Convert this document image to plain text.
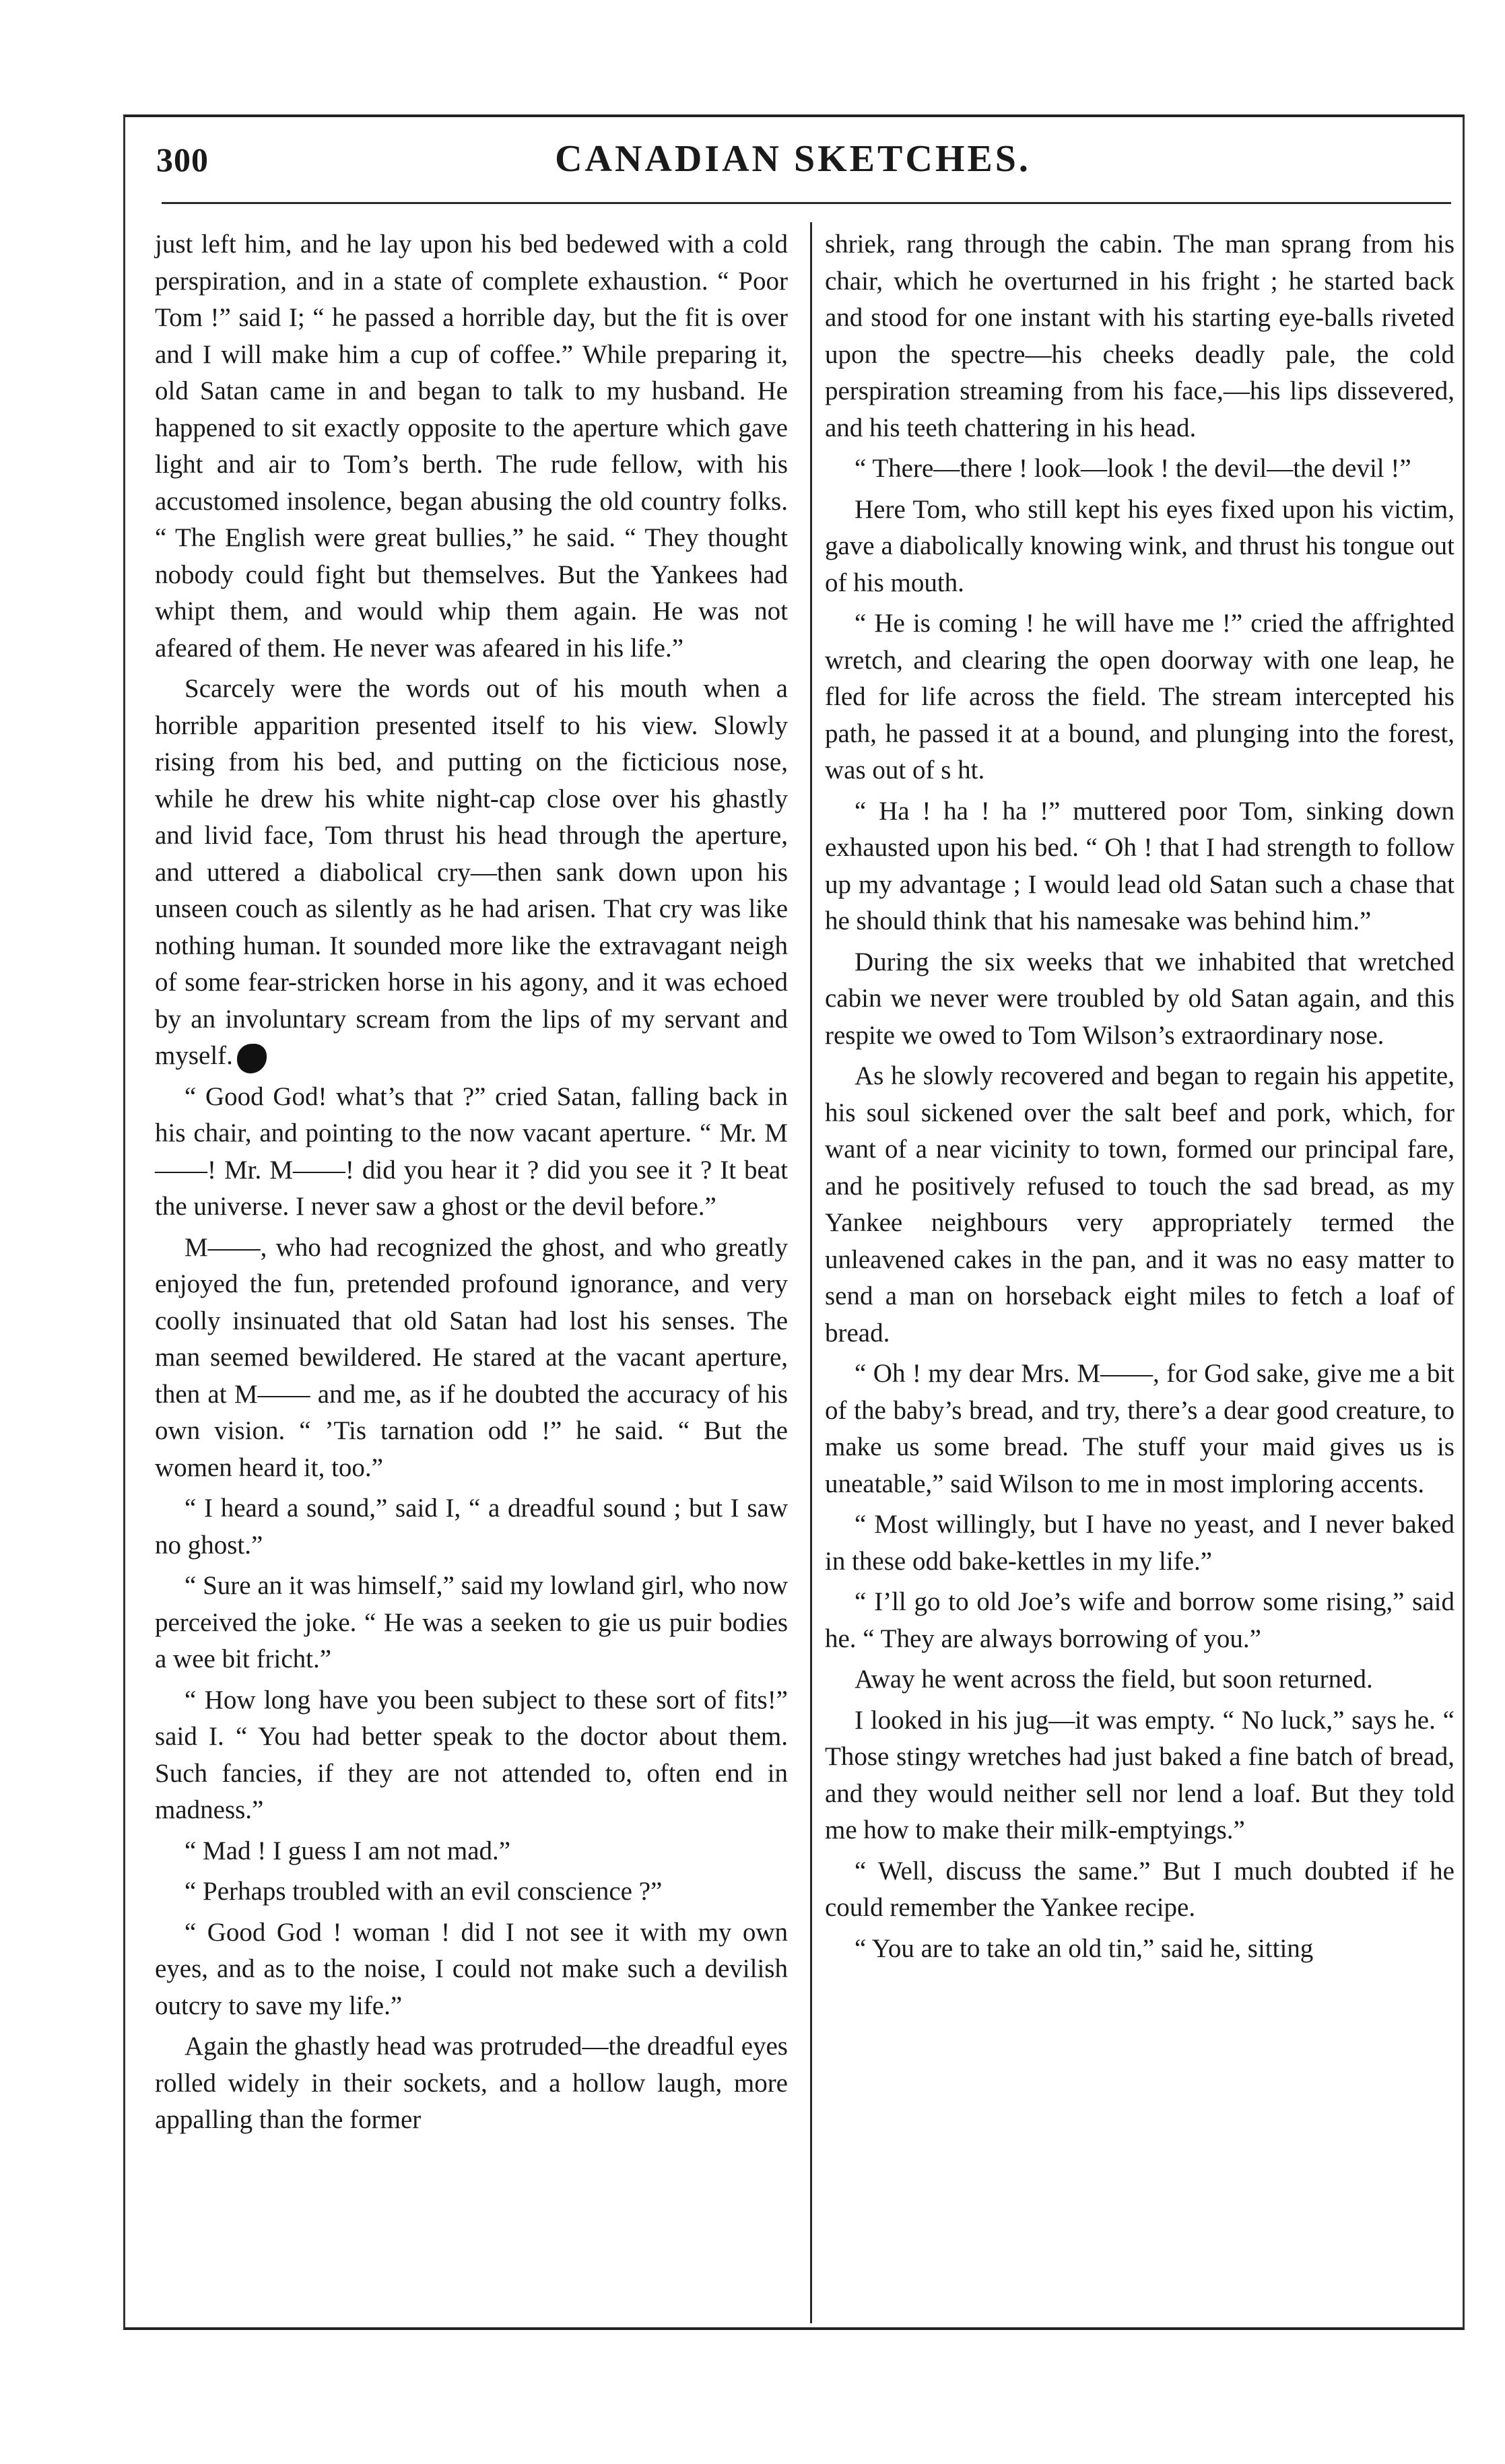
300	CANADIAN SKETCHES.

just left him, and he lay upon his bed bedewed with a cold perspiration, and in a state of complete exhaustion. “ Poor Tom !” said I; “ he passed a horrible day, but the fit is over and I will make him a cup of coffee.” While preparing it, old Satan came in and began to talk to my husband. He happened to sit exactly opposite to the aperture which gave light and air to Tom’s berth. The rude fellow, with his accustomed insolence, began abusing the old country folks. “ The English were great bullies,” he said. “ They thought nobody could fight but themselves. But the Yankees had whipt them, and would whip them again. He was not afeared of them. He never was afeared in his life.”

Scarcely were the words out of his mouth when a horrible apparition presented itself to his view. Slowly rising from his bed, and putting on the ficticious nose, while he drew his white night-cap close over his ghastly and livid face, Tom thrust his head through the aperture, and uttered a diabolical cry—then sank down upon his unseen couch as silently as he had arisen. That cry was like nothing human. It sounded more like the extravagant neigh of some fear-stricken horse in his agony, and it was echoed by an involuntary scream from the lips of my servant and myself.

“ Good God! what’s that ?” cried Satan, falling back in his chair, and pointing to the now vacant aperture. “ Mr. M——! Mr. M——! did you hear it ? did you see it ? It beat the universe. I never saw a ghost or the devil before.”

M——, who had recognized the ghost, and who greatly enjoyed the fun, pretended profound ignorance, and very coolly insinuated that old Satan had lost his senses. The man seemed bewildered. He stared at the vacant aperture, then at M—— and me, as if he doubted the accuracy of his own vision. “ ’Tis tarnation odd !” he said. “ But the women heard it, too.”

“ I heard a sound,” said I, “ a dreadful sound ; but I saw no ghost.”

“ Sure an it was himself,” said my lowland girl, who now perceived the joke. “ He was a seeken to gie us puir bodies a wee bit fricht.”

“ How long have you been subject to these sort of fits!” said I. “ You had better speak to the doctor about them. Such fancies, if they are not attended to, often end in madness.”

“ Mad ! I guess I am not mad.”

“ Perhaps troubled with an evil conscience ?”

“ Good God ! woman ! did I not see it with my own eyes, and as to the noise, I could not make such a devilish outcry to save my life.”

Again the ghastly head was protruded—the dreadful eyes rolled widely in their sockets, and a hollow laugh, more appalling than the former

shriek, rang through the cabin. The man sprang from his chair, which he overturned in his fright ; he started back and stood for one instant with his starting eye-balls riveted upon the spectre—his cheeks deadly pale, the cold perspiration streaming from his face,—his lips dissevered, and his teeth chattering in his head.

“ There—there ! look—look ! the devil—the devil !”

Here Tom, who still kept his eyes fixed upon his victim, gave a diabolically knowing wink, and thrust his tongue out of his mouth.

“ He is coming ! he will have me !” cried the affrighted wretch, and clearing the open doorway with one leap, he fled for life across the field. The stream intercepted his path, he passed it at a bound, and plunging into the forest, was out of s ht.

“ Ha ! ha ! ha !” muttered poor Tom, sinking down exhausted upon his bed. “ Oh ! that I had strength to follow up my advantage ; I would lead old Satan such a chase that he should think that his namesake was behind him.”

During the six weeks that we inhabited that wretched cabin we never were troubled by old Satan again, and this respite we owed to Tom Wilson’s extraordinary nose.

As he slowly recovered and began to regain his appetite, his soul sickened over the salt beef and pork, which, for want of a near vicinity to town, formed our principal fare, and he positively refused to touch the sad bread, as my Yankee neighbours very appropriately termed the unleavened cakes in the pan, and it was no easy matter to send a man on horseback eight miles to fetch a loaf of bread.

“ Oh ! my dear Mrs. M——, for God sake, give me a bit of the baby’s bread, and try, there’s a dear good creature, to make us some bread. The stuff your maid gives us is uneatable,” said Wilson to me in most imploring accents.

“ Most willingly, but I have no yeast, and I never baked in these odd bake-kettles in my life.”

“ I’ll go to old Joe’s wife and borrow some rising,” said he. “ They are always borrowing of you.”

Away he went across the field, but soon returned.

I looked in his jug—it was empty. “ No luck,” says he. “ Those stingy wretches had just baked a fine batch of bread, and they would neither sell nor lend a loaf. But they told me how to make their milk-emptyings.”

“ Well, discuss the same.” But I much doubted if he could remember the Yankee recipe.

“ You are to take an old tin,” said he, sitting
